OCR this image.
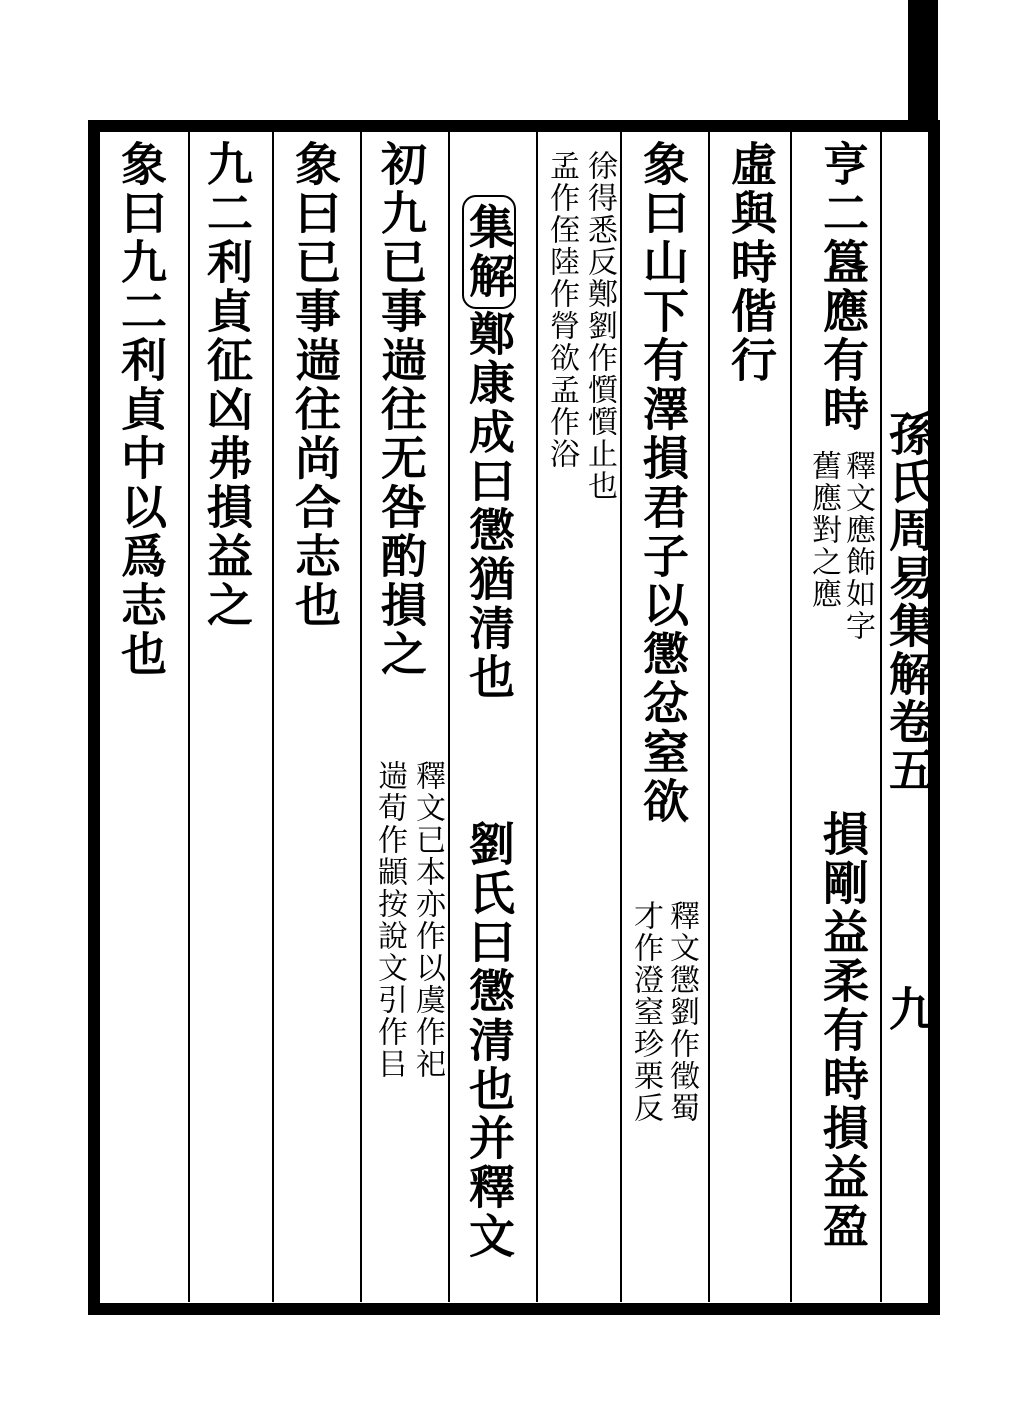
孫氏周易集解卷五
九
亨二簋應有時
釋文應飾如字
舊應對之應
損剛益柔有時損益盈
虛與時偕行
象曰山下有澤損君子以懲忿窒欲
釋文懲劉作徵蜀
才作澄窒珍栗反
徐得悉反鄭劉作懫懫止也
孟作侄陸作膋欲孟作浴
集解
鄭康成曰懲猶清也
劉氏曰懲清也并釋文
初九已事遄往无咎酌損之
釋文已本亦作以虞作祀
遄荀作顓按說文引作㠯
象曰已事遄往尚合志也
九二利貞征凶弗損益之
象曰九二利貞中以爲志也
